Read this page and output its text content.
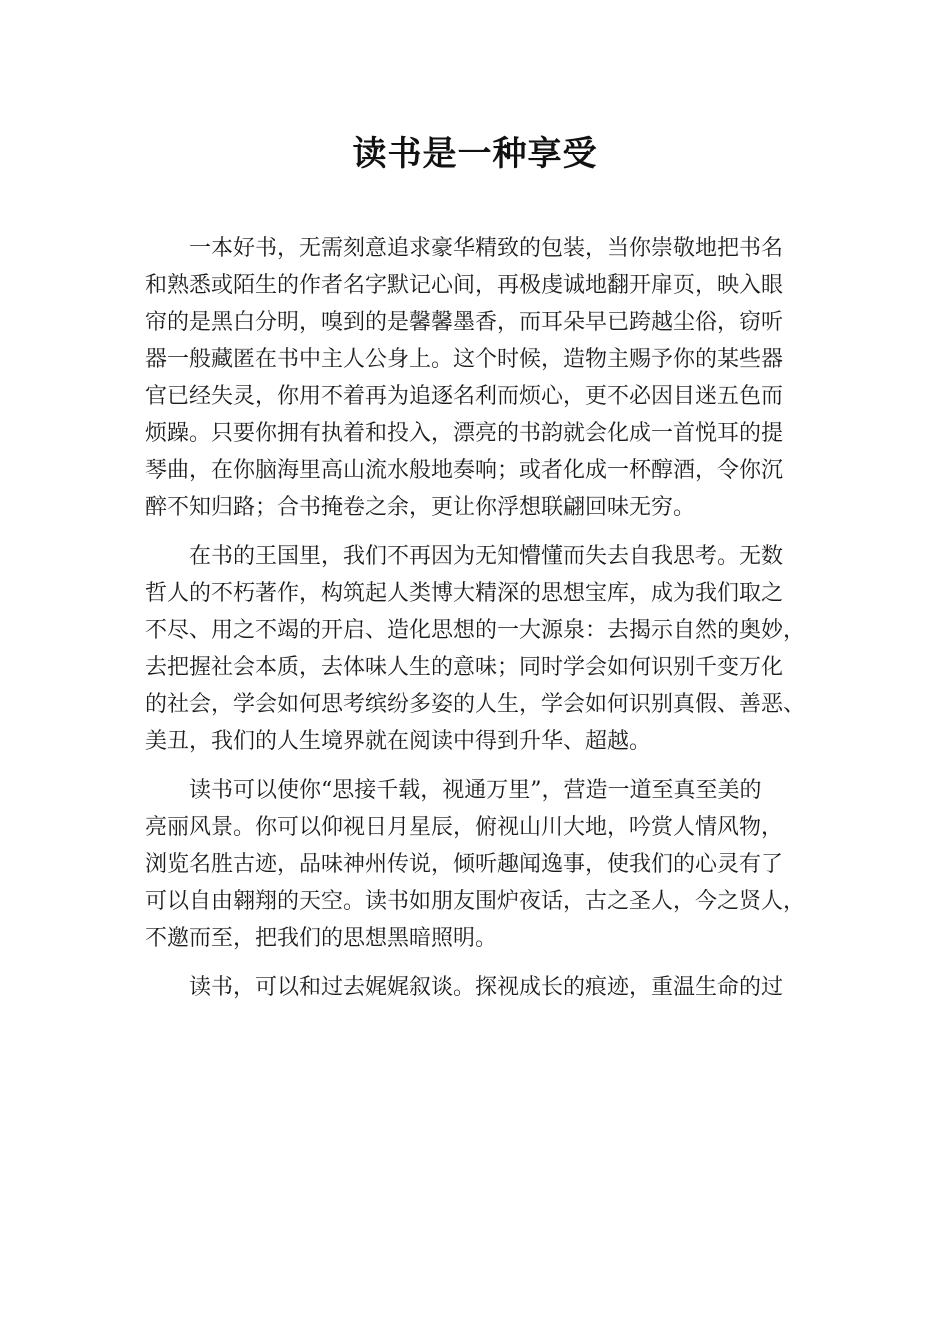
读书是一种享受

一本好书，无需刻意追求豪华精致的包装，当你崇敬地把书名
和熟悉或陌生的作者名字默记心间，再极虔诚地翻开扉页，映入眼
帘的是黑白分明，嗅到的是馨馨墨香，而耳朵早已跨越尘俗，窃听
器一般藏匿在书中主人公身上。这个时候，造物主赐予你的某些器
官已经失灵，你用不着再为追逐名利而烦心，更不必因目迷五色而
烦躁。只要你拥有执着和投入，漂亮的书韵就会化成一首悦耳的提
琴曲，在你脑海里高山流水般地奏响；或者化成一杯醇酒，令你沉
醉不知归路；合书掩卷之余，更让你浮想联翩回味无穷。

在书的王国里，我们不再因为无知懵懂而失去自我思考。无数
哲人的不朽著作，构筑起人类博大精深的思想宝库，成为我们取之
不尽、用之不竭的开启、造化思想的一大源泉：去揭示自然的奥妙，
去把握社会本质，去体味人生的意味；同时学会如何识别千变万化
的社会，学会如何思考缤纷多姿的人生，学会如何识别真假、善恶、
美丑，我们的人生境界就在阅读中得到升华、超越。

读书可以使你“思接千载，视通万里”，营造一道至真至美的
亮丽风景。你可以仰视日月星辰，俯视山川大地，吟赏人情风物，
浏览名胜古迹，品味神州传说，倾听趣闻逸事，使我们的心灵有了
可以自由翱翔的天空。读书如朋友围炉夜话，古之圣人，今之贤人，
不邀而至，把我们的思想黑暗照明。

读书，可以和过去娓娓叙谈。探视成长的痕迹，重温生命的过
